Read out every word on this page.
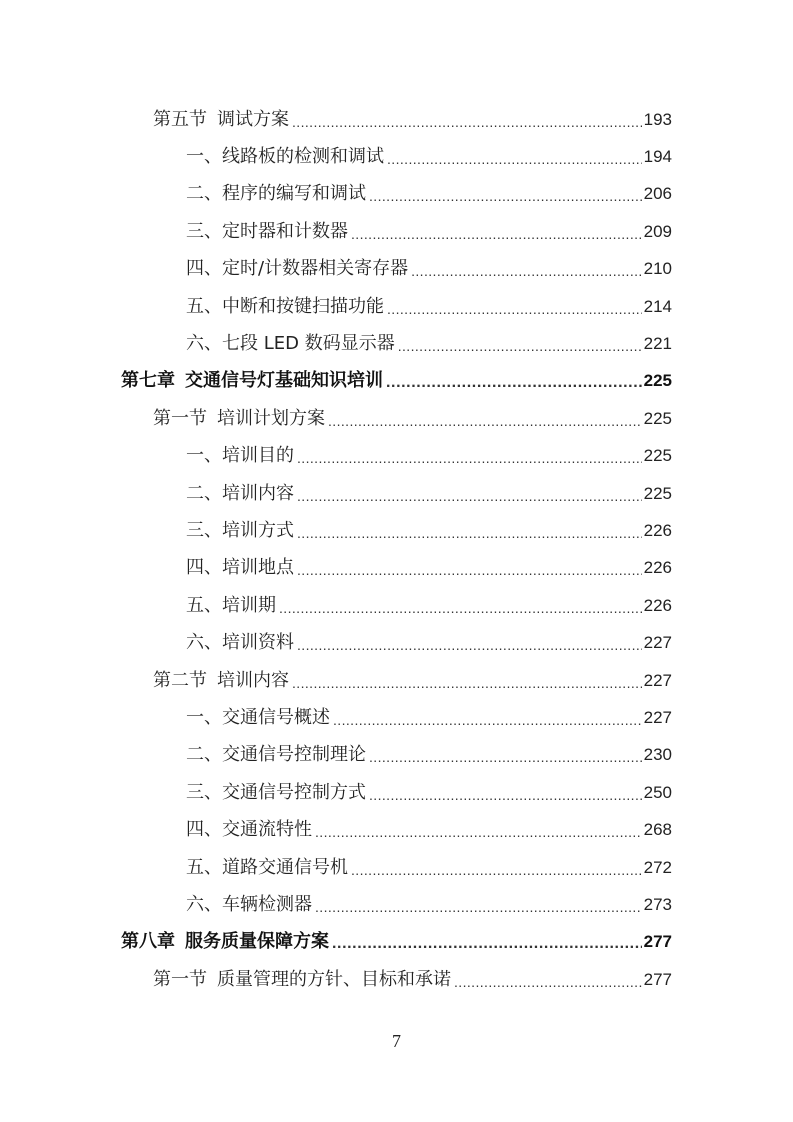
第五节 调试方案 .....	193
一、线路板的检测和调试 .....	194
二、程序的编写和调试 .....	206
三、定时器和计数器 .....	209
四、定时/计数器相关寄存器 .....	210
五、中断和按键扫描功能 .....	214
六、七段 LED 数码显示器 .....	221
第七章 交通信号灯基础知识培训 .....	225
第一节 培训计划方案 .....	225
一、培训目的 .....	225
二、培训内容 .....	225
三、培训方式 .....	226
四、培训地点 .....	226
五、培训期 .....	226
六、培训资料 .....	227
第二节 培训内容 .....	227
一、交通信号概述 .....	227
二、交通信号控制理论 .....	230
三、交通信号控制方式 .....	250
四、交通流特性 .....	268
五、道路交通信号机 .....	272
六、车辆检测器 .....	273
第八章 服务质量保障方案 .....	277
第一节 质量管理的方针、目标和承诺 .....	277
7
